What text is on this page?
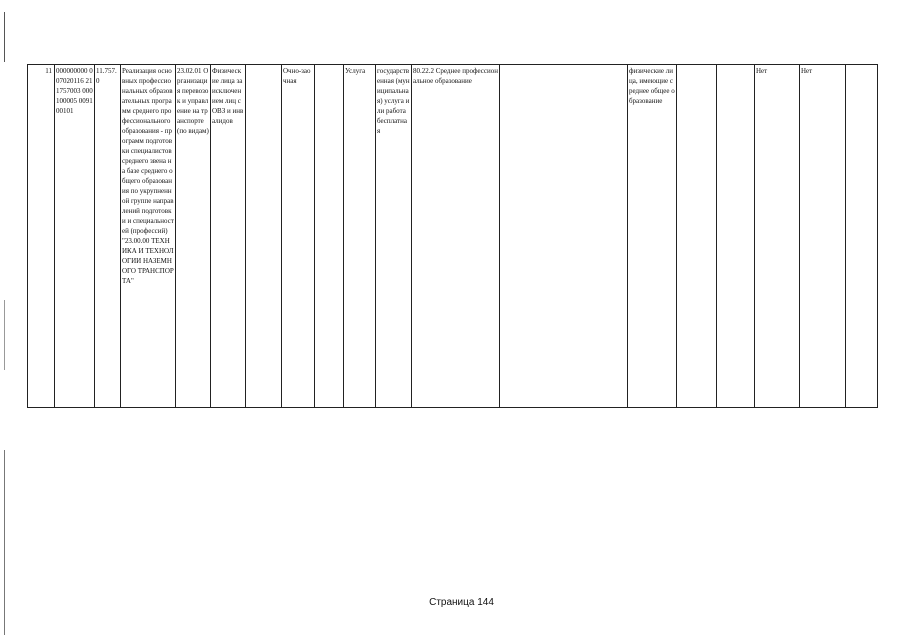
11	000000000 007020116 211757003 000100005 009100101	11.757. 0	Реализация основных профессиональных образовательных программ среднего профессионального образования - программ подготовки специалистов среднего звена на базе среднего общего образования по укрупненной группе направлений подготовки и специальностей (профессий) "23.00.00 ТЕХНИКА И ТЕХНОЛОГИИ НАЗЕМНОГО ТРАНСПОРТА"	23.02.01 Организация перевозок и управление на транспорте (по видам)	Физические лица за исключением лиц с ОВЗ и инвалидов		Очно-заочная		Услуга	государственная (муниципальная) услуга или работа бесплатная	80.22.2 Среднее профессиональное образование		физические лица, имеющие среднее общее образование			Нет	Нет	
Страница 144
